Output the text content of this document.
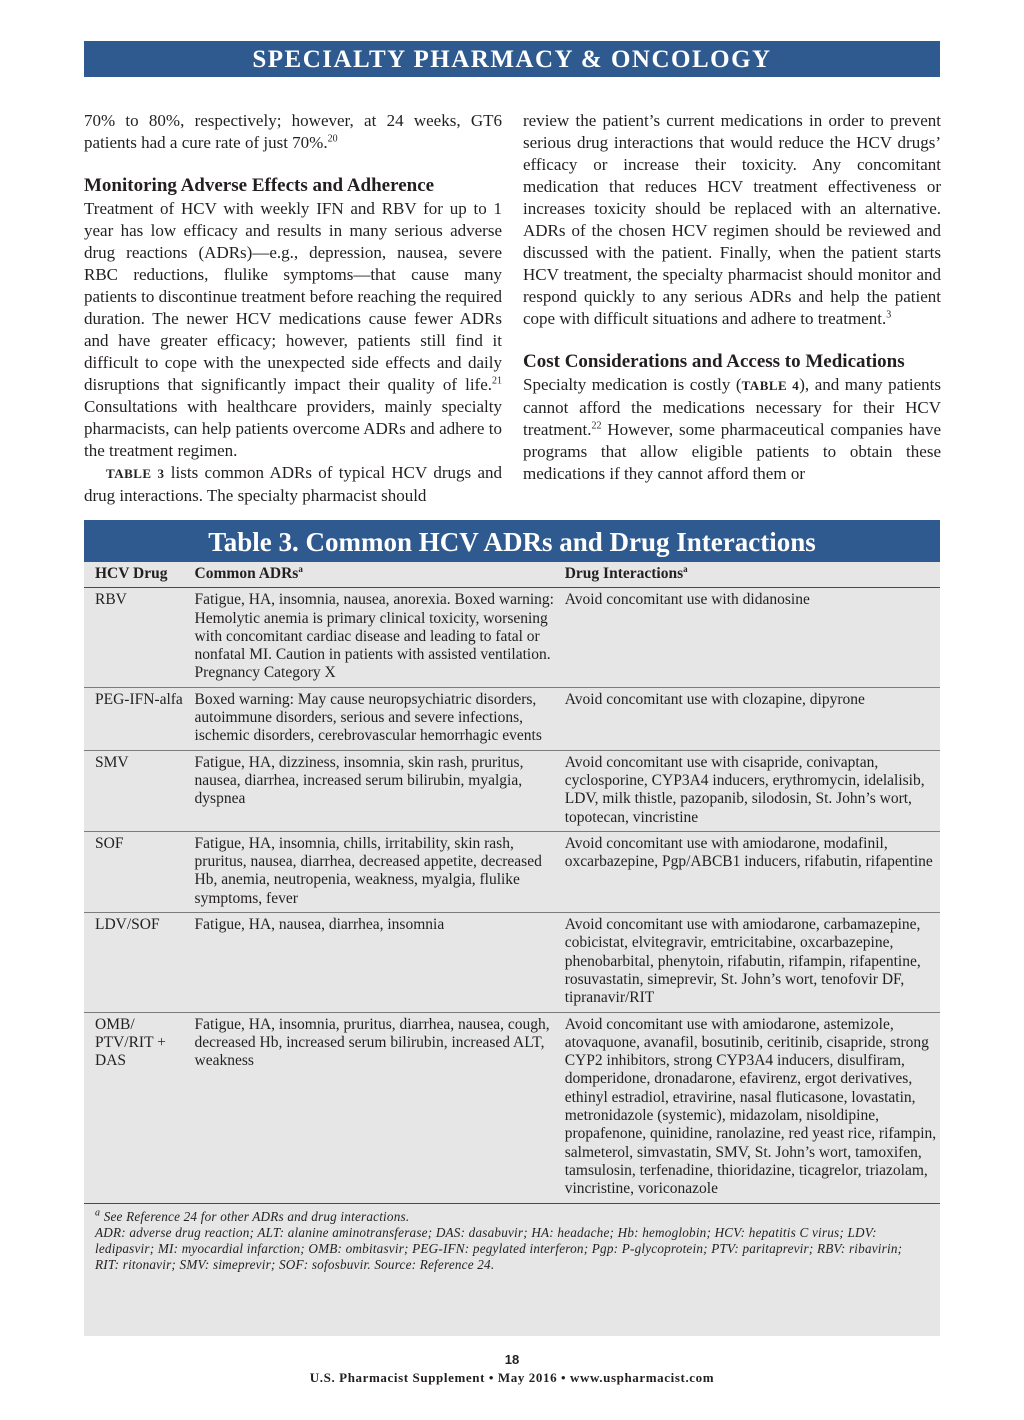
SPECIALTY PHARMACY & ONCOLOGY

70% to 80%, respectively; however, at 24 weeks, GT6 patients had a cure rate of just 70%.$^{20}$

Monitoring Adverse Effects and Adherence

Treatment of HCV with weekly IFN and RBV for up to 1 year has low efficacy and results in many serious adverse drug reactions (ADRs)—e.g., depression, nausea, severe RBC reductions, flulike symptoms—that cause many patients to discontinue treatment before reaching the required duration. The newer HCV medications cause fewer ADRs and have greater efficacy; however, patients still find it difficult to cope with the unexpected side effects and daily disruptions that significantly impact their quality of life.$^{21}$ Consultations with healthcare providers, mainly specialty pharmacists, can help patients overcome ADRs and adhere to the treatment regimen.

TABLE 3 lists common ADRs of typical HCV drugs and drug interactions. The specialty pharmacist should

review the patient’s current medications in order to prevent serious drug interactions that would reduce the HCV drugs’ efficacy or increase their toxicity. Any concomitant medication that reduces HCV treatment effectiveness or increases toxicity should be replaced with an alternative. ADRs of the chosen HCV regimen should be reviewed and discussed with the patient. Finally, when the patient starts HCV treatment, the specialty pharmacist should monitor and respond quickly to any serious ADRs and help the patient cope with difficult situations and adhere to treatment.$^3$

Cost Considerations and Access to Medications

Specialty medication is costly (TABLE 4), and many patients cannot afford the medications necessary for their HCV treatment.$^{22}$ However, some pharmaceutical companies have programs that allow eligible patients to obtain these medications if they cannot afford them or

Table 3. Common HCV ADRs and Drug Interactions
HCV Drug	Common ADRs$^a$	Drug Interactions$^a$
RBV	Fatigue, HA, insomnia, nausea, anorexia. Boxed warning: Hemolytic anemia is primary clinical toxicity, worsening with concomitant cardiac disease and leading to fatal or nonfatal MI. Caution in patients with assisted ventilation. Pregnancy Category X	Avoid concomitant use with didanosine
PEG-IFN-alfa	Boxed warning: May cause neuropsychiatric disorders, autoimmune disorders, serious and severe infections, ischemic disorders, cerebrovascular hemorrhagic events	Avoid concomitant use with clozapine, dipyrone
SMV	Fatigue, HA, dizziness, insomnia, skin rash, pruritus, nausea, diarrhea, increased serum bilirubin, myalgia, dyspnea	Avoid concomitant use with cisapride, conivaptan, cyclosporine, CYP3A4 inducers, erythromycin, idelalisib, LDV, milk thistle, pazopanib, silodosin, St. John’s wort, topotecan, vincristine
SOF	Fatigue, HA, insomnia, chills, irritability, skin rash, pruritus, nausea, diarrhea, decreased appetite, decreased Hb, anemia, neutropenia, weakness, myalgia, flulike symptoms, fever	Avoid concomitant use with amiodarone, modafinil, oxcarbazepine, Pgp/ABCB1 inducers, rifabutin, rifapentine
LDV/SOF	Fatigue, HA, nausea, diarrhea, insomnia	Avoid concomitant use with amiodarone, carbamazepine, cobicistat, elvitegravir, emtricitabine, oxcarbazepine, phenobarbital, phenytoin, rifabutin, rifampin, rifapentine, rosuvastatin, simeprevir, St. John’s wort, tenofovir DF, tipranavir/RIT
OMB/ PTV/RIT + DAS	Fatigue, HA, insomnia, pruritus, diarrhea, nausea, cough, decreased Hb, increased serum bilirubin, increased ALT, weakness	Avoid concomitant use with amiodarone, astemizole, atovaquone, avanafil, bosutinib, ceritinib, cisapride, strong CYP2 inhibitors, strong CYP3A4 inducers, disulfiram, domperidone, dronadarone, efavirenz, ergot derivatives, ethinyl estradiol, etravirine, nasal fluticasone, lovastatin, metronidazole (systemic), midazolam, nisoldipine, propafenone, quinidine, ranolazine, red yeast rice, rifampin, salmeterol, simvastatin, SMV, St. John’s wort, tamoxifen, tamsulosin, terfenadine, thioridazine, ticagrelor, triazolam, vincristine, voriconazole
$^a$ See Reference 24 for other ADRs and drug interactions.
ADR: adverse drug reaction; ALT: alanine aminotransferase; DAS: dasabuvir; HA: headache; Hb: hemoglobin; HCV: hepatitis C virus; LDV: ledipasvir; MI: myocardial infarction; OMB: ombitasvir; PEG-IFN: pegylated interferon; Pgp: P-glycoprotein; PTV: paritaprevir; RBV: ribavirin; RIT: ritonavir; SMV: simeprevir; SOF: sofosbuvir. Source: Reference 24.
18
U.S. Pharmacist Supplement • May 2016 • www.uspharmacist.com
